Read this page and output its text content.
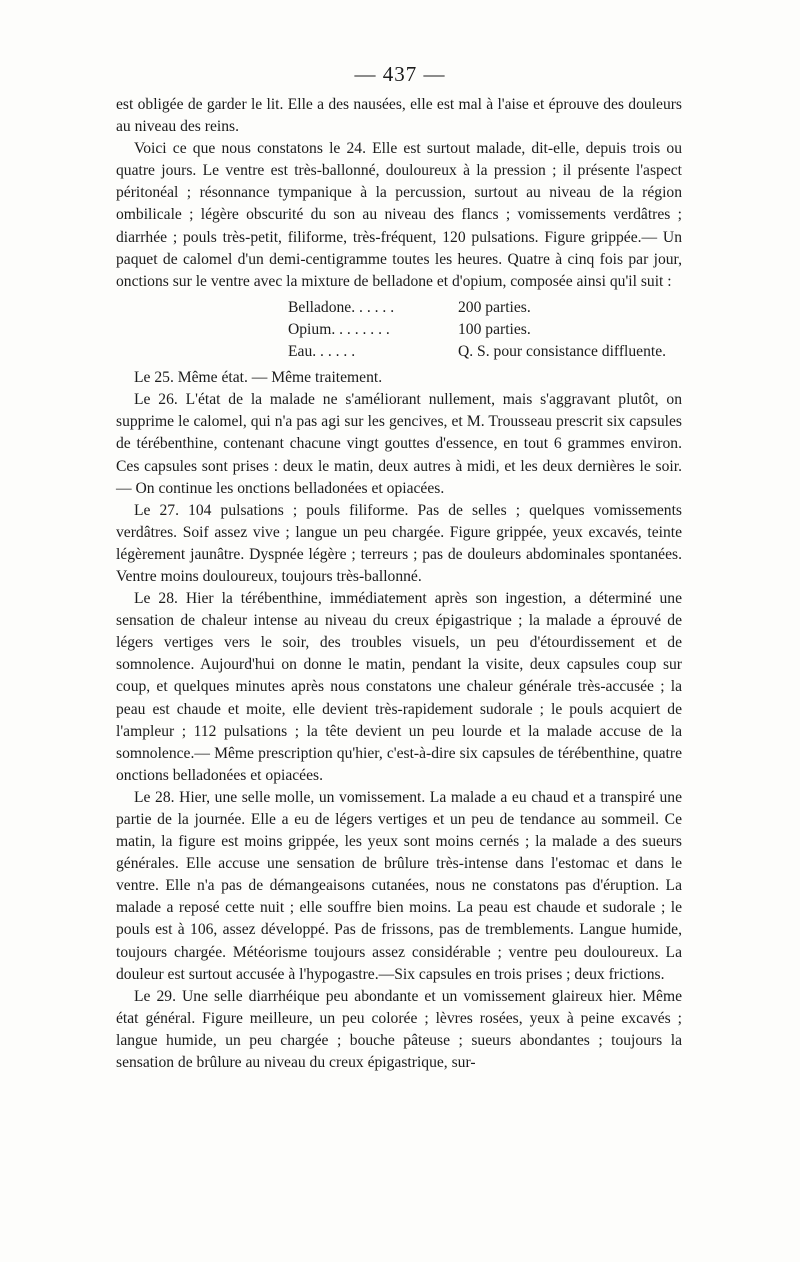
— 437 —

est obligée de garder le lit. Elle a des nausées, elle est mal à l'aise et éprouve des douleurs au niveau des reins.

Voici ce que nous constatons le 24. Elle est surtout malade, dit-elle, depuis trois ou quatre jours. Le ventre est très-ballonné, douloureux à la pression ; il présente l'aspect péritonéal ; résonnance tympanique à la percussion, surtout au niveau de la région ombilicale ; légère obscurité du son au niveau des flancs ; vomissements verdâtres ; diarrhée ; pouls très-petit, filiforme, très-fréquent, 120 pulsations. Figure grippée.— Un paquet de calomel d'un demi-centigramme toutes les heures. Quatre à cinq fois par jour, onctions sur le ventre avec la mixture de belladone et d'opium, composée ainsi qu'il suit :

Belladone. . . . . .	200 parties.
Opium. . . . . . . .	100 parties.
Eau. . . . . .	Q. S. pour consistance diffluente.

Le 25. Même état. — Même traitement.

Le 26. L'état de la malade ne s'améliorant nullement, mais s'aggravant plutôt, on supprime le calomel, qui n'a pas agi sur les gencives, et M. Trousseau prescrit six capsules de térébenthine, contenant chacune vingt gouttes d'essence, en tout 6 grammes environ. Ces capsules sont prises : deux le matin, deux autres à midi, et les deux dernières le soir. — On continue les onctions belladonées et opiacées.

Le 27. 104 pulsations ; pouls filiforme. Pas de selles ; quelques vomissements verdâtres. Soif assez vive ; langue un peu chargée. Figure grippée, yeux excavés, teinte légèrement jaunâtre. Dyspnée légère ; terreurs ; pas de douleurs abdominales spontanées. Ventre moins douloureux, toujours très-ballonné.

Le 28. Hier la térébenthine, immédiatement après son ingestion, a déterminé une sensation de chaleur intense au niveau du creux épigastrique ; la malade a éprouvé de légers vertiges vers le soir, des troubles visuels, un peu d'étourdissement et de somnolence. Aujourd'hui on donne le matin, pendant la visite, deux capsules coup sur coup, et quelques minutes après nous constatons une chaleur générale très-accusée ; la peau est chaude et moite, elle devient très-rapidement sudorale ; le pouls acquiert de l'ampleur ; 112 pulsations ; la tête devient un peu lourde et la malade accuse de la somnolence.— Même prescription qu'hier, c'est-à-dire six capsules de térébenthine, quatre onctions belladonées et opiacées.

Le 28. Hier, une selle molle, un vomissement. La malade a eu chaud et a transpiré une partie de la journée. Elle a eu de légers vertiges et un peu de tendance au sommeil. Ce matin, la figure est moins grippée, les yeux sont moins cernés ; la malade a des sueurs générales. Elle accuse une sensation de brûlure très-intense dans l'estomac et dans le ventre. Elle n'a pas de démangeaisons cutanées, nous ne constatons pas d'éruption. La malade a reposé cette nuit ; elle souffre bien moins. La peau est chaude et sudorale ; le pouls est à 106, assez développé. Pas de frissons, pas de tremblements. Langue humide, toujours chargée. Météorisme toujours assez considérable ; ventre peu douloureux. La douleur est surtout accusée à l'hypogastre.—Six capsules en trois prises ; deux frictions.

Le 29. Une selle diarrhéique peu abondante et un vomissement glaireux hier. Même état général. Figure meilleure, un peu colorée ; lèvres rosées, yeux à peine excavés ; langue humide, un peu chargée ; bouche pâteuse ; sueurs abondantes ; toujours la sensation de brûlure au niveau du creux épigastrique, sur-
